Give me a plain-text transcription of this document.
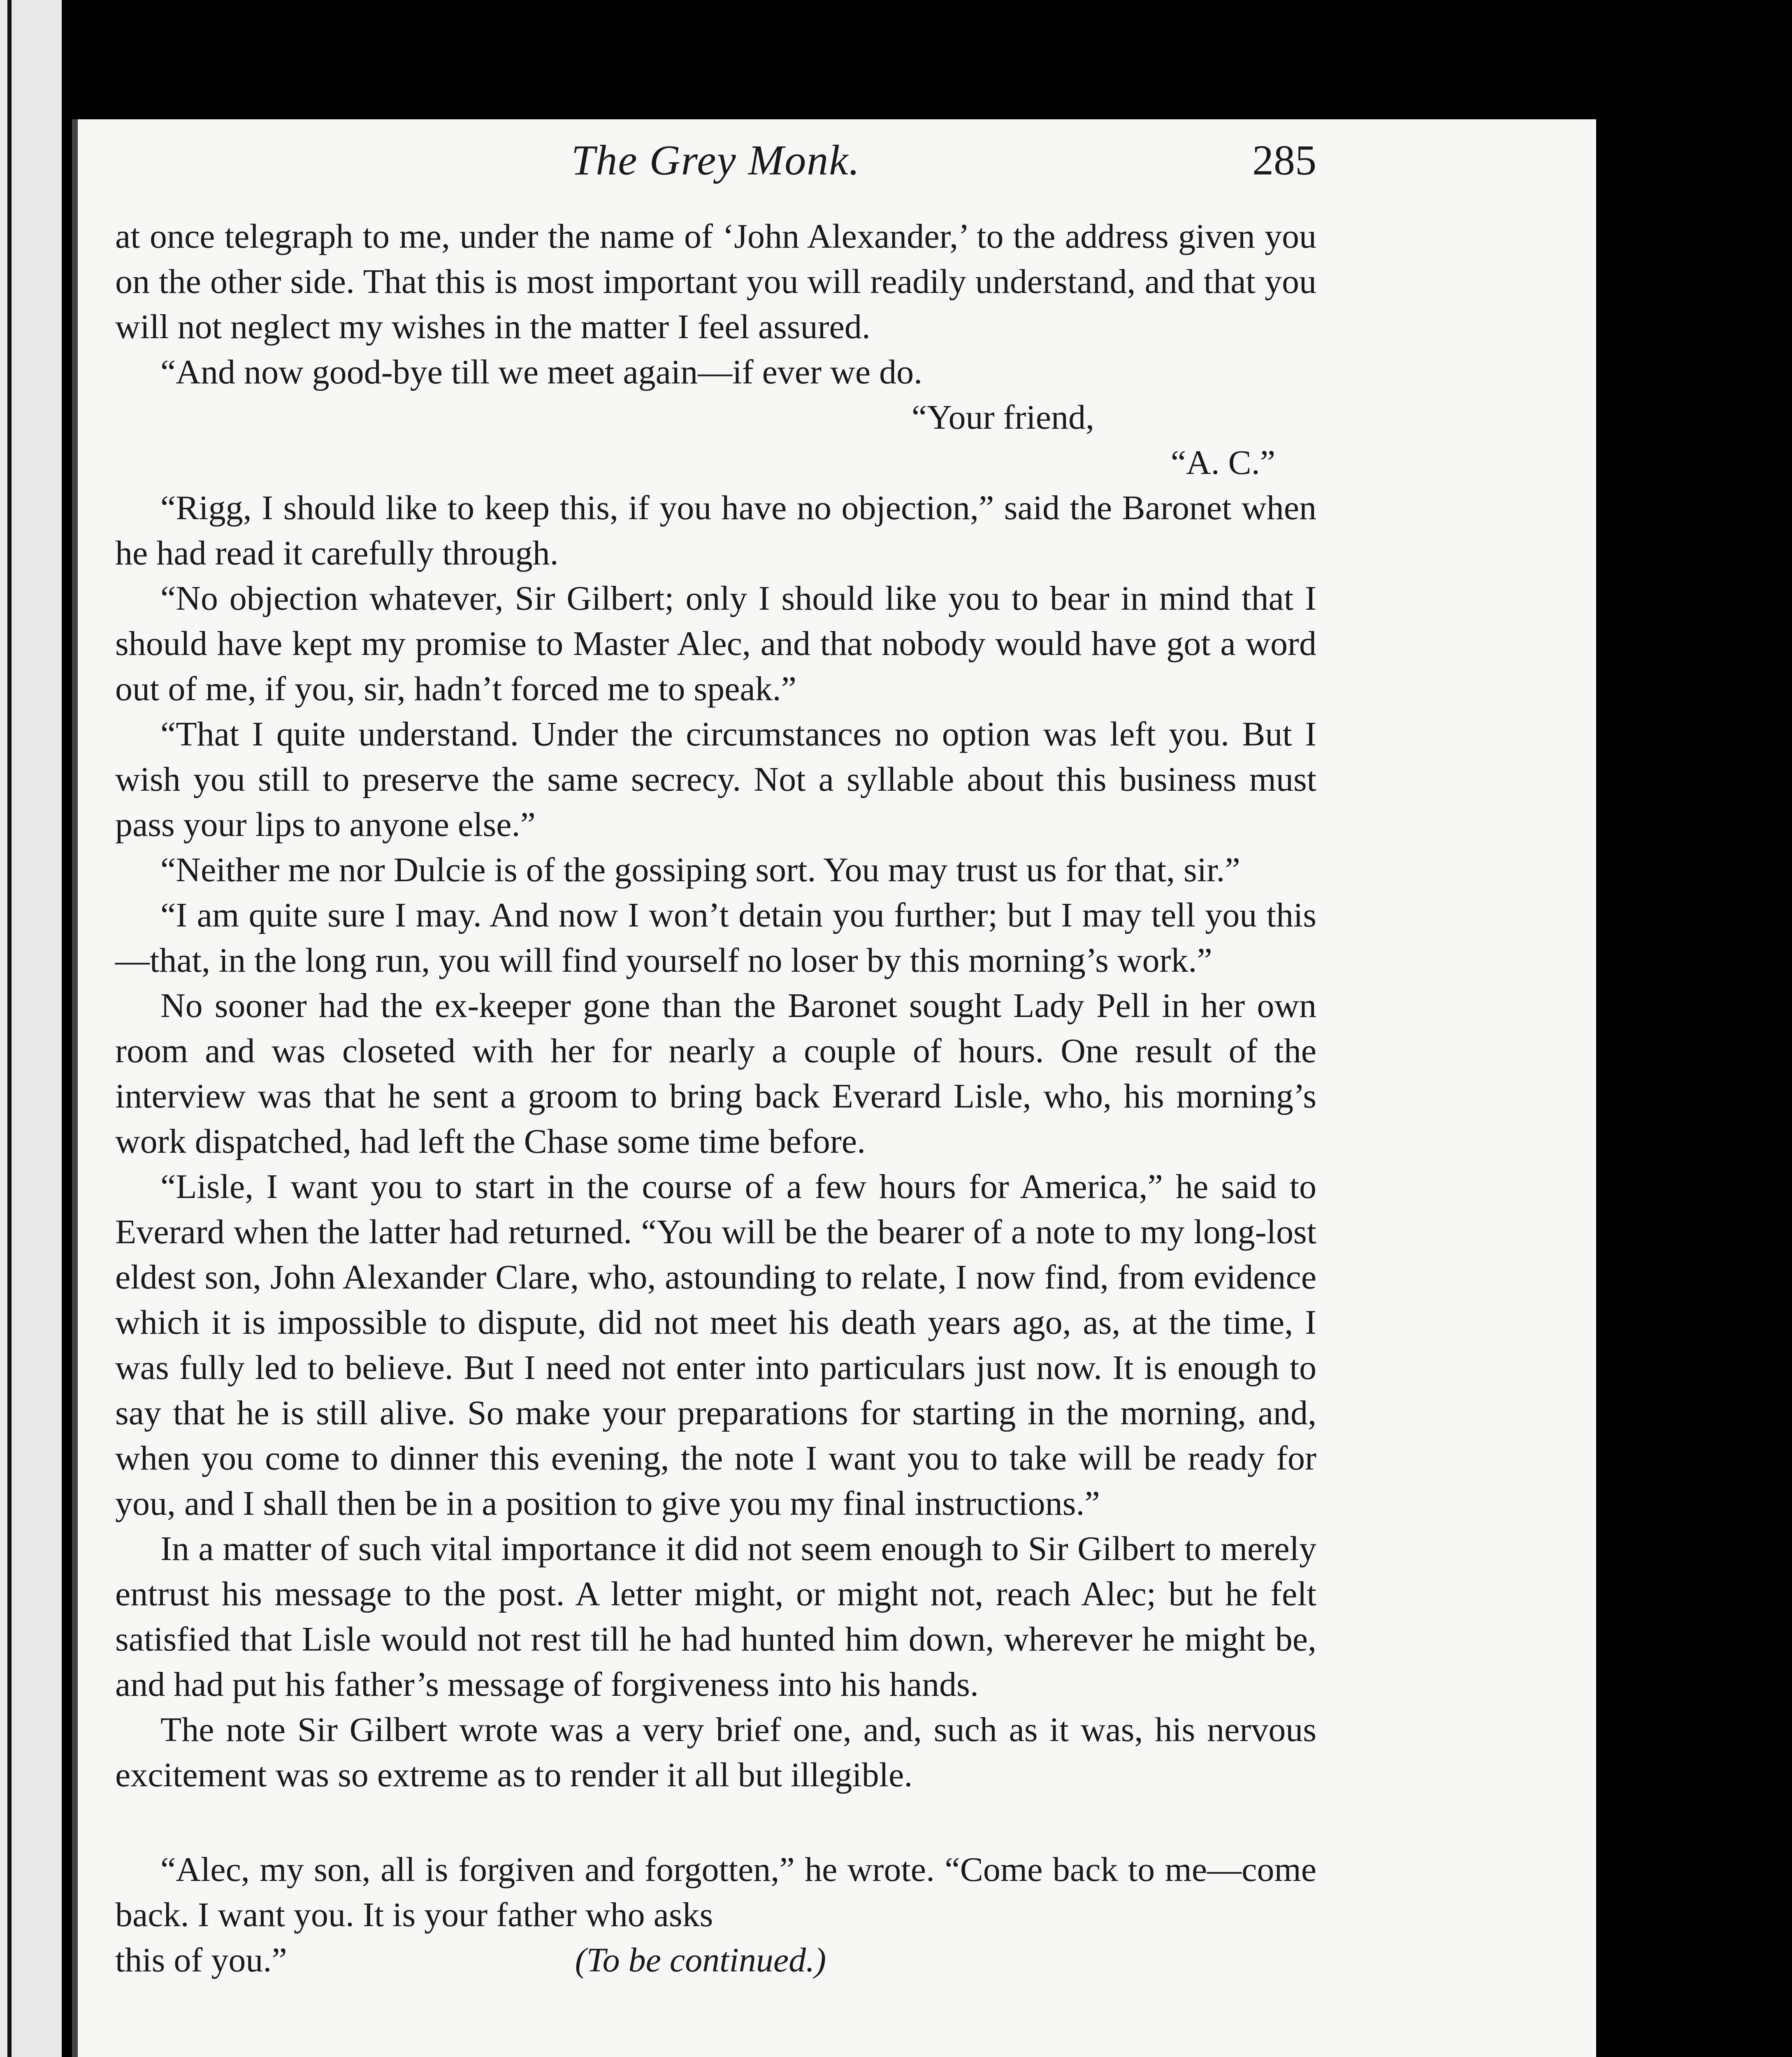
The Grey Monk.	285

at once telegraph to me, under the name of ‘John Alexander,’ to the address given you on the other side. That this is most important you will readily understand, and that you will not neglect my wishes in the matter I feel assured.

“And now good-bye till we meet again—if ever we do.

“Your friend,

“A. C.”

“Rigg, I should like to keep this, if you have no objection,” said the Baronet when he had read it carefully through.

“No objection whatever, Sir Gilbert; only I should like you to bear in mind that I should have kept my promise to Master Alec, and that nobody would have got a word out of me, if you, sir, hadn’t forced me to speak.”

“That I quite understand. Under the circumstances no option was left you. But I wish you still to preserve the same secrecy. Not a syllable about this business must pass your lips to anyone else.”

“Neither me nor Dulcie is of the gossiping sort. You may trust us for that, sir.”

“I am quite sure I may. And now I won’t detain you further; but I may tell you this—that, in the long run, you will find yourself no loser by this morning’s work.”

No sooner had the ex-keeper gone than the Baronet sought Lady Pell in her own room and was closeted with her for nearly a couple of hours. One result of the interview was that he sent a groom to bring back Everard Lisle, who, his morning’s work dispatched, had left the Chase some time before.

“Lisle, I want you to start in the course of a few hours for America,” he said to Everard when the latter had returned. “You will be the bearer of a note to my long-lost eldest son, John Alexander Clare, who, astounding to relate, I now find, from evidence which it is impossible to dispute, did not meet his death years ago, as, at the time, I was fully led to believe. But I need not enter into particulars just now. It is enough to say that he is still alive. So make your preparations for starting in the morning, and, when you come to dinner this evening, the note I want you to take will be ready for you, and I shall then be in a position to give you my final instructions.”

In a matter of such vital importance it did not seem enough to Sir Gilbert to merely entrust his message to the post. A letter might, or might not, reach Alec; but he felt satisfied that Lisle would not rest till he had hunted him down, wherever he might be, and had put his father’s message of forgiveness into his hands.

The note Sir Gilbert wrote was a very brief one, and, such as it was, his nervous excitement was so extreme as to render it all but illegible.

“Alec, my son, all is forgiven and forgotten,” he wrote. “Come back to me—come back. I want you. It is your father who asks

this of you.”	(To be continued.)
